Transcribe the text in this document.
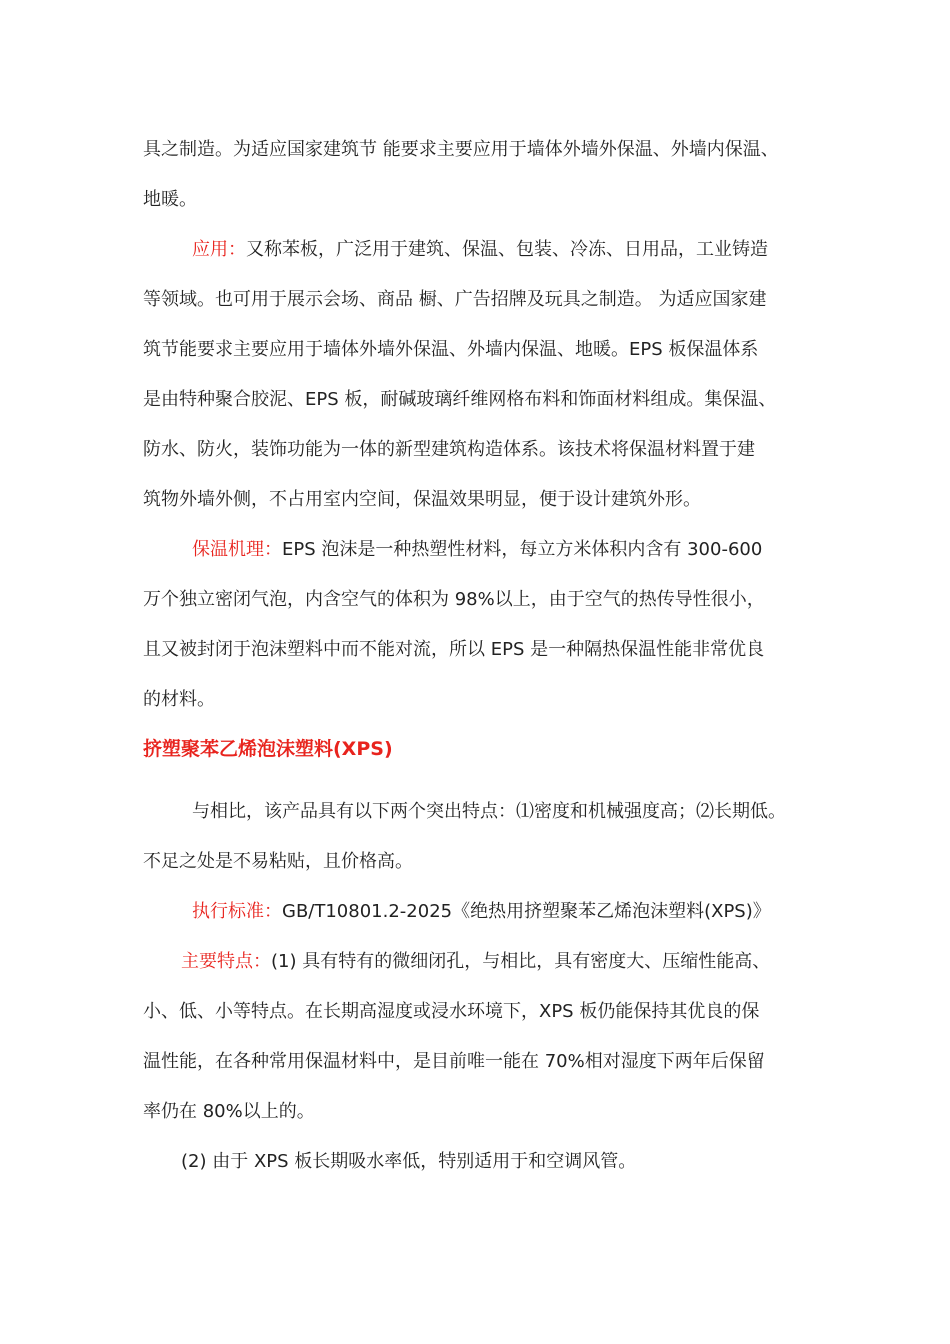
具之制造。为适应国家建筑节 能要求主要应用于墙体外墙外保温、外墙内保温、
地暖。
应用：又称苯板，广泛用于建筑、保温、包装、冷冻、日用品，工业铸造
等领域。也可用于展示会场、商品 橱、广告招牌及玩具之制造。 为适应国家建
筑节能要求主要应用于墙体外墙外保温、外墙内保温、地暖。EPS 板保温体系
是由特种聚合胶泥、EPS 板，耐碱玻璃纤维网格布料和饰面材料组成。集保温、
防水、防火，装饰功能为一体的新型建筑构造体系。该技术将保温材料置于建
筑物外墙外侧，不占用室内空间，保温效果明显，便于设计建筑外形。
保温机理：EPS 泡沫是一种热塑性材料，每立方米体积内含有 300-600
万个独立密闭气泡，内含空气的体积为 98%以上，由于空气的热传导性很小，
且又被封闭于泡沫塑料中而不能对流，所以 EPS 是一种隔热保温性能非常优良
的材料。
挤塑聚苯乙烯泡沫塑料(XPS)
与相比，该产品具有以下两个突出特点：⑴密度和机械强度高；⑵长期低。
不足之处是不易粘贴，且价格高。
执行标准：GB/T10801.2-2025《绝热用挤塑聚苯乙烯泡沫塑料(XPS)》
主要特点：(1) 具有特有的微细闭孔，与相比，具有密度大、压缩性能高、
小、低、小等特点。在长期高湿度或浸水环境下，XPS 板仍能保持其优良的保
温性能，在各种常用保温材料中，是目前唯一能在 70%相对湿度下两年后保留
率仍在 80%以上的。
(2) 由于 XPS 板长期吸水率低，特别适用于和空调风管。
